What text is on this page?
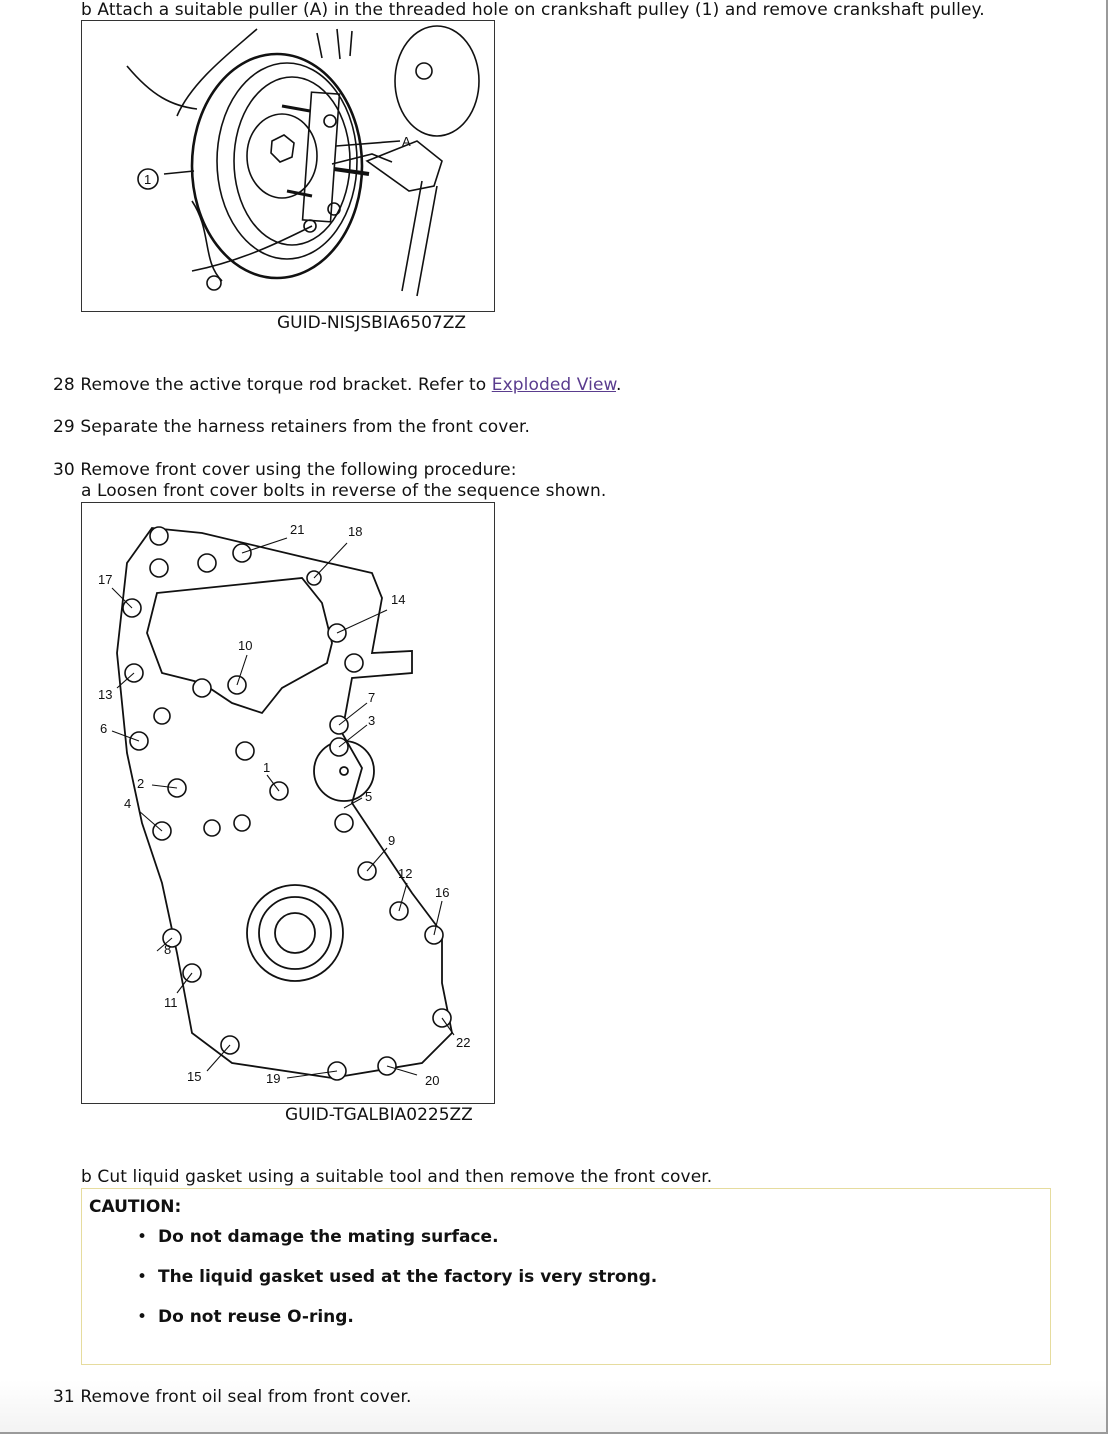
b Attach a suitable puller (A) in the threaded hole on crankshaft pulley (1) and remove crankshaft pulley.
1
A
GUID-NISJSBIA6507ZZ
28 Remove the active torque rod bracket. Refer to Exploded View.
29 Separate the harness retainers from the front cover.
30 Remove front cover using the following procedure:
a Loosen front cover bolts in reverse of the sequence shown.
1
2
3
4	5
6
7
8
9
10
11
12
13
14
15
16
17
18
19	20
21
22
GUID-TGALBIA0225ZZ
b Cut liquid gasket using a suitable tool and then remove the front cover.
CAUTION:
• Do not damage the mating surface.
• The liquid gasket used at the factory is very strong.
• Do not reuse O-ring.
31 Remove front oil seal from front cover.
